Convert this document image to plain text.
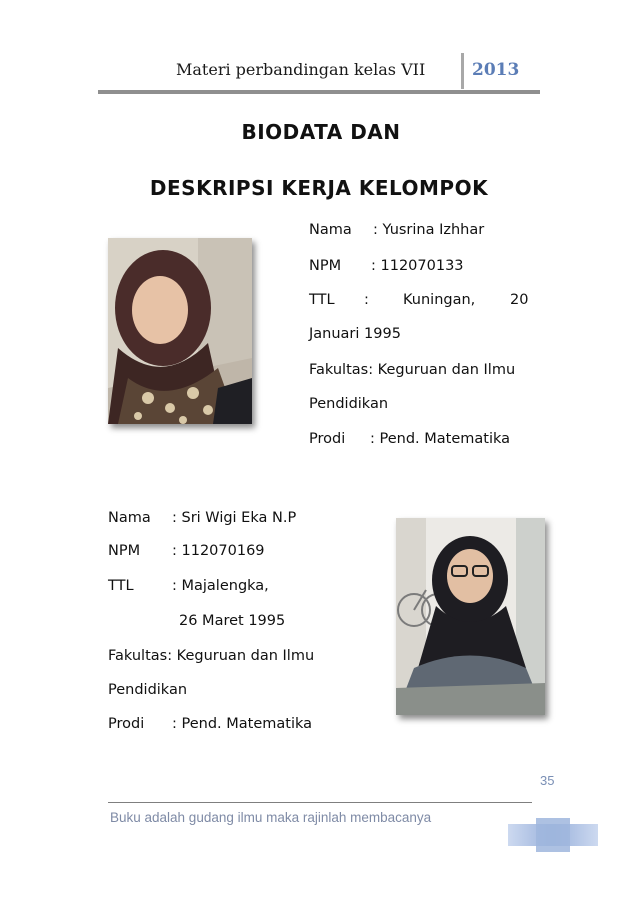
Materi perbandingan kelas VII	2013
BIODATA DAN
DESKRIPSI KERJA KELOMPOK
Nama : Yusrina Izhhar
NPM : 112070133
TTL : Kuningan, 20
Januari 1995
Fakultas: Keguruan dan Ilmu
Pendidikan
Prodi : Pend. Matematika
Nama : Sri Wigi Eka N.P
NPM : 112070169
TTL	: Majalengka,
26 Maret 1995
Fakultas: Keguruan dan Ilmu
Pendidikan
Prodi : Pend. Matematika
35
Buku adalah gudang ilmu maka rajinlah membacanya
